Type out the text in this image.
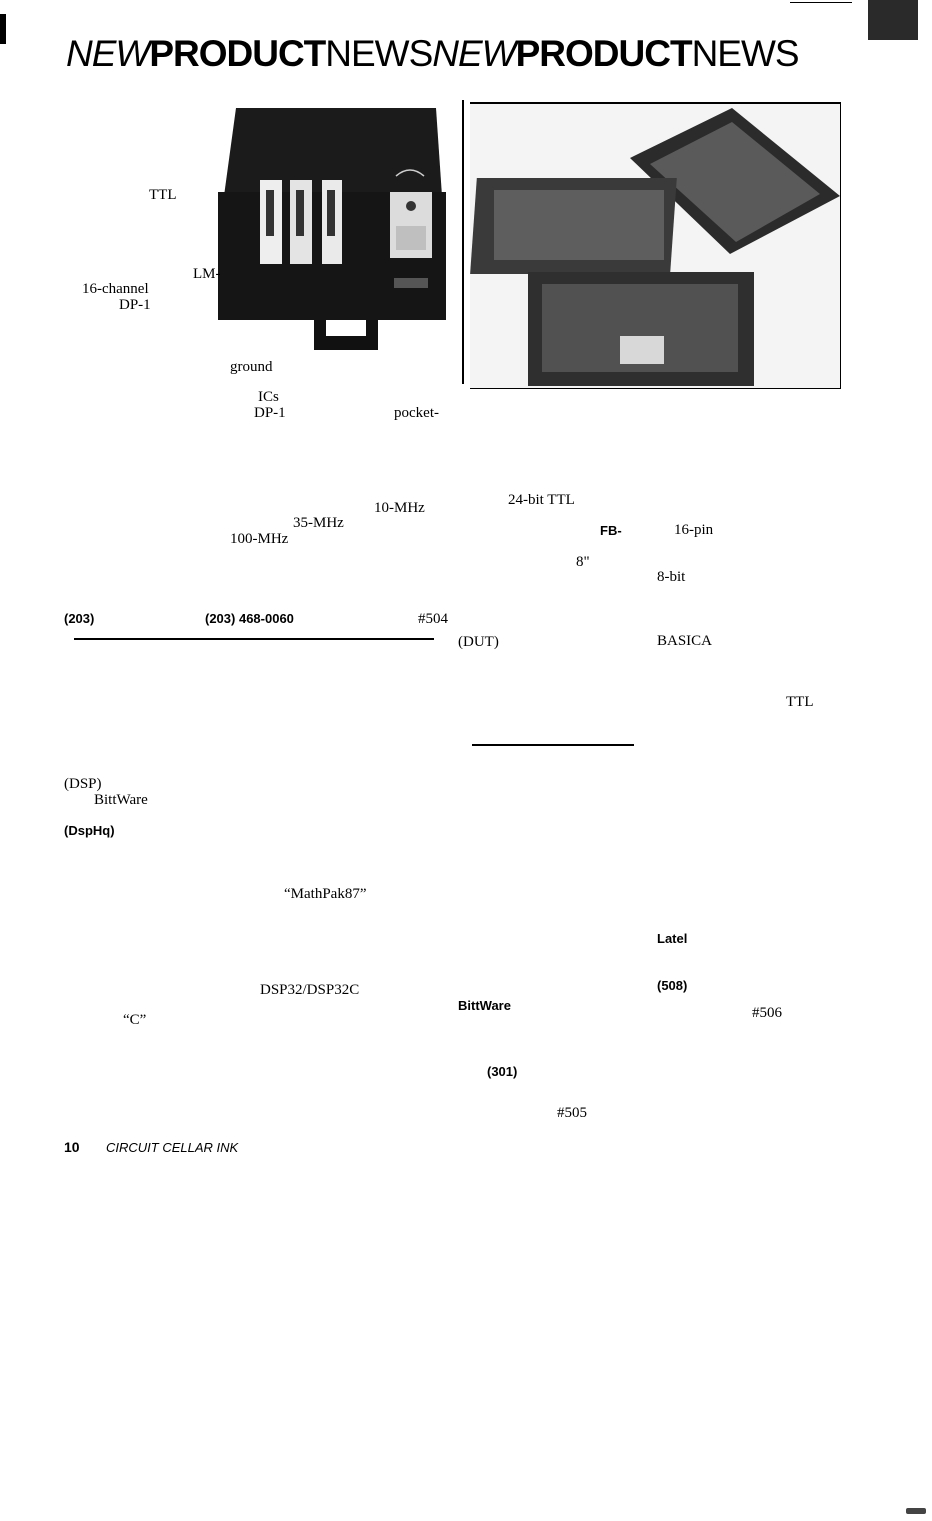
NEWPRODUCTNEWSNEWPRODUCTNEWS
TTL
LM-
16-channel
DP-1
ground
ICs
DP-1	pocket-
10-MHz
35-MHz
100-MHz
(203)	(203) 468-0060	#504
(DSP)
BittWare
(DspHq)
“MathPak87”
DSP32/DSP32C
“C”
24-bit TTL
FB-	16-pin
8"
8-bit
(DUT)	BASICA
TTL
Latel
(508)
BittWare	#506
(301)
#505
10 CIRCUIT CELLAR INK
